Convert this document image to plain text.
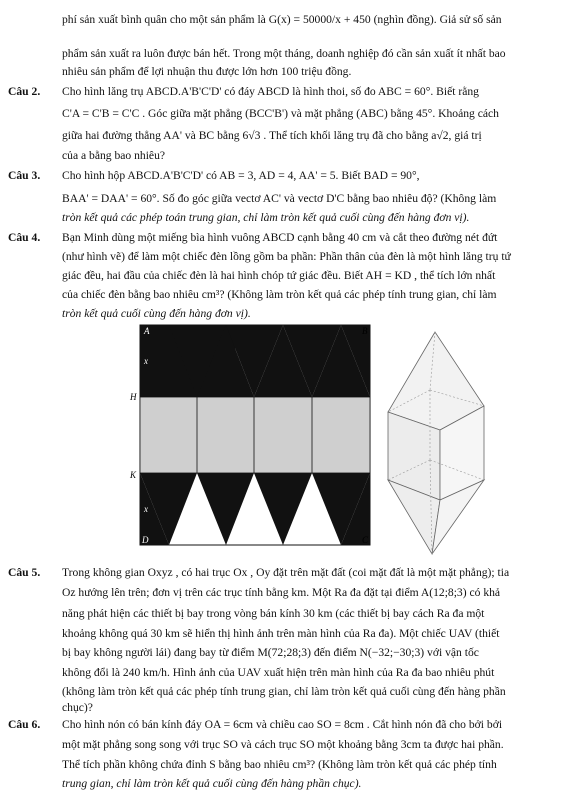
phí sản xuất bình quân cho một sản phẩm là G(x) = 50000/x + 450 (nghìn đồng). Giả sử số sản
phẩm sản xuất ra luôn được bán hết. Trong một tháng, doanh nghiệp đó cần sản xuất ít nhất bao
nhiêu sản phẩm để lợi nhuận thu được lớn hơn 100 triệu đồng.
Câu 2. Cho hình lăng trụ ABCD.A'B'C'D' có đáy ABCD là hình thoi, số đo ABC = 60°. Biết rằng
C'A = C'B = C'C . Góc giữa mặt phẳng (BCC'B') và mặt phẳng (ABC) bằng 45°. Khoảng cách
giữa hai đường thẳng AA' và BC bằng 6√3 . Thể tích khối lăng trụ đã cho bằng a√2, giá trị
của a bằng bao nhiêu?
Câu 3. Cho hình hộp ABCD.A'B'C'D' có AB = 3, AD = 4, AA' = 5. Biết BAD = 90°,
BAA' = DAA' = 60°. Số đo góc giữa vectơ AC' và vectơ D'C bằng bao nhiêu độ? (Không làm
tròn kết quả các phép toán trung gian, chỉ làm tròn kết quả cuối cùng đến hàng đơn vị).
Câu 4. Bạn Minh dùng một miếng bìa hình vuông ABCD cạnh bằng 40 cm và cắt theo đường nét đứt
(như hình vẽ) để làm một chiếc đèn lồng gồm ba phần: Phần thân của đèn là một hình lăng trụ tứ
giác đều, hai đầu của chiếc đèn là hai hình chóp tứ giác đều. Biết AH = KD , thể tích lớn nhất
của chiếc đèn bằng bao nhiêu cm³? (Không làm tròn kết quả các phép tính trung gian, chỉ làm
tròn kết quả cuối cùng đến hàng đơn vị).
A	B
C
D
H
K
x
x
Câu 5. Trong không gian Oxyz , có hai trục Ox , Oy đặt trên mặt đất (coi mặt đất là một mặt phẳng); tia
Oz hướng lên trên; đơn vị trên các trục tính bằng km. Một Ra đa đặt tại điểm A(12;8;3) có khả
năng phát hiện các thiết bị bay trong vòng bán kính 30 km (các thiết bị bay cách Ra đa một
khoảng không quá 30 km sẽ hiển thị hình ảnh trên màn hình của Ra đa). Một chiếc UAV (thiết
bị bay không người lái) đang bay từ điểm M(72;28;3) đến điểm N(−32;−30;3) với vận tốc
không đổi là 240 km/h. Hình ảnh của UAV xuất hiện trên màn hình của Ra đa bao nhiêu phút
(không làm tròn kết quả các phép tính trung gian, chỉ làm tròn kết quả cuối cùng đến hàng phần
chục)?
Câu 6. Cho hình nón có bán kính đáy OA = 6cm và chiều cao SO = 8cm . Cắt hình nón đã cho bởi bởi
một mặt phẳng song song với trục SO và cách trục SO một khoảng bằng 3cm ta được hai phần.
Thể tích phần không chứa đỉnh S bằng bao nhiêu cm³? (Không làm tròn kết quả các phép tính
trung gian, chỉ làm tròn kết quả cuối cùng đến hàng phần chục).
